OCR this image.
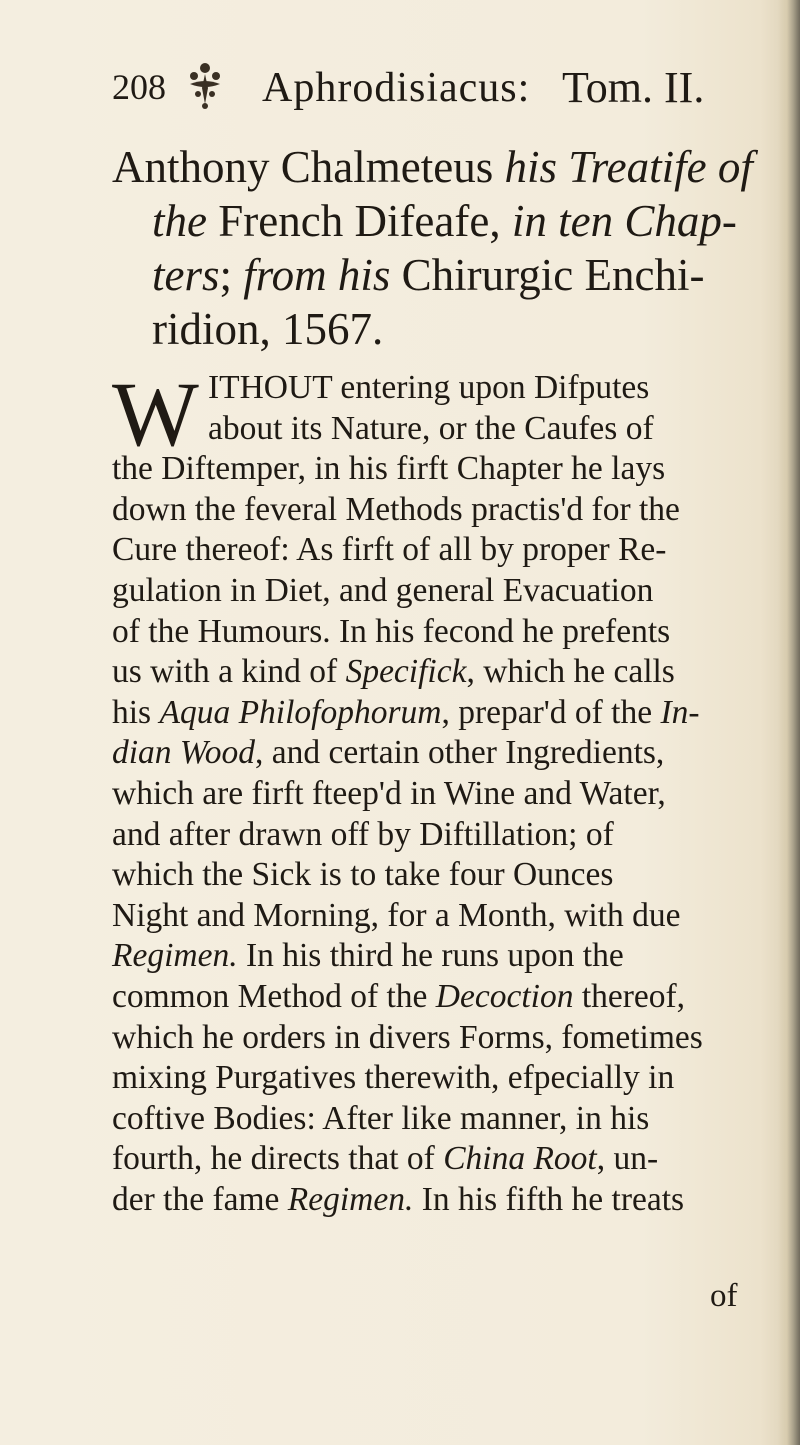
208 Aphrodisiacus: Tom. II.
Anthony Chalmeteus his Treatife of
the French Difeafe, in ten Chap-
ters; from his Chirurgic Enchi-
ridion, 1567.
W ITHOUT entering upon Difputes
about its Nature, or the Caufes of
the Diftemper, in his firft Chapter he lays
down the feveral Methods practis'd for the
Cure thereof: As firft of all by proper Re-
gulation in Diet, and general Evacuation
of the Humours. In his fecond he prefents
us with a kind of Specifick, which he calls
his Aqua Philofophorum, prepar'd of the In-
dian Wood, and certain other Ingredients,
which are firft fteep'd in Wine and Water,
and after drawn off by Diftillation; of
which the Sick is to take four Ounces
Night and Morning, for a Month, with due
Regimen. In his third he runs upon the
common Method of the Decoction thereof,
which he orders in divers Forms, fometimes
mixing Purgatives therewith, efpecially in
coftive Bodies: After like manner, in his
fourth, he directs that of China Root, un-
der the fame Regimen. In his fifth he treats
of
